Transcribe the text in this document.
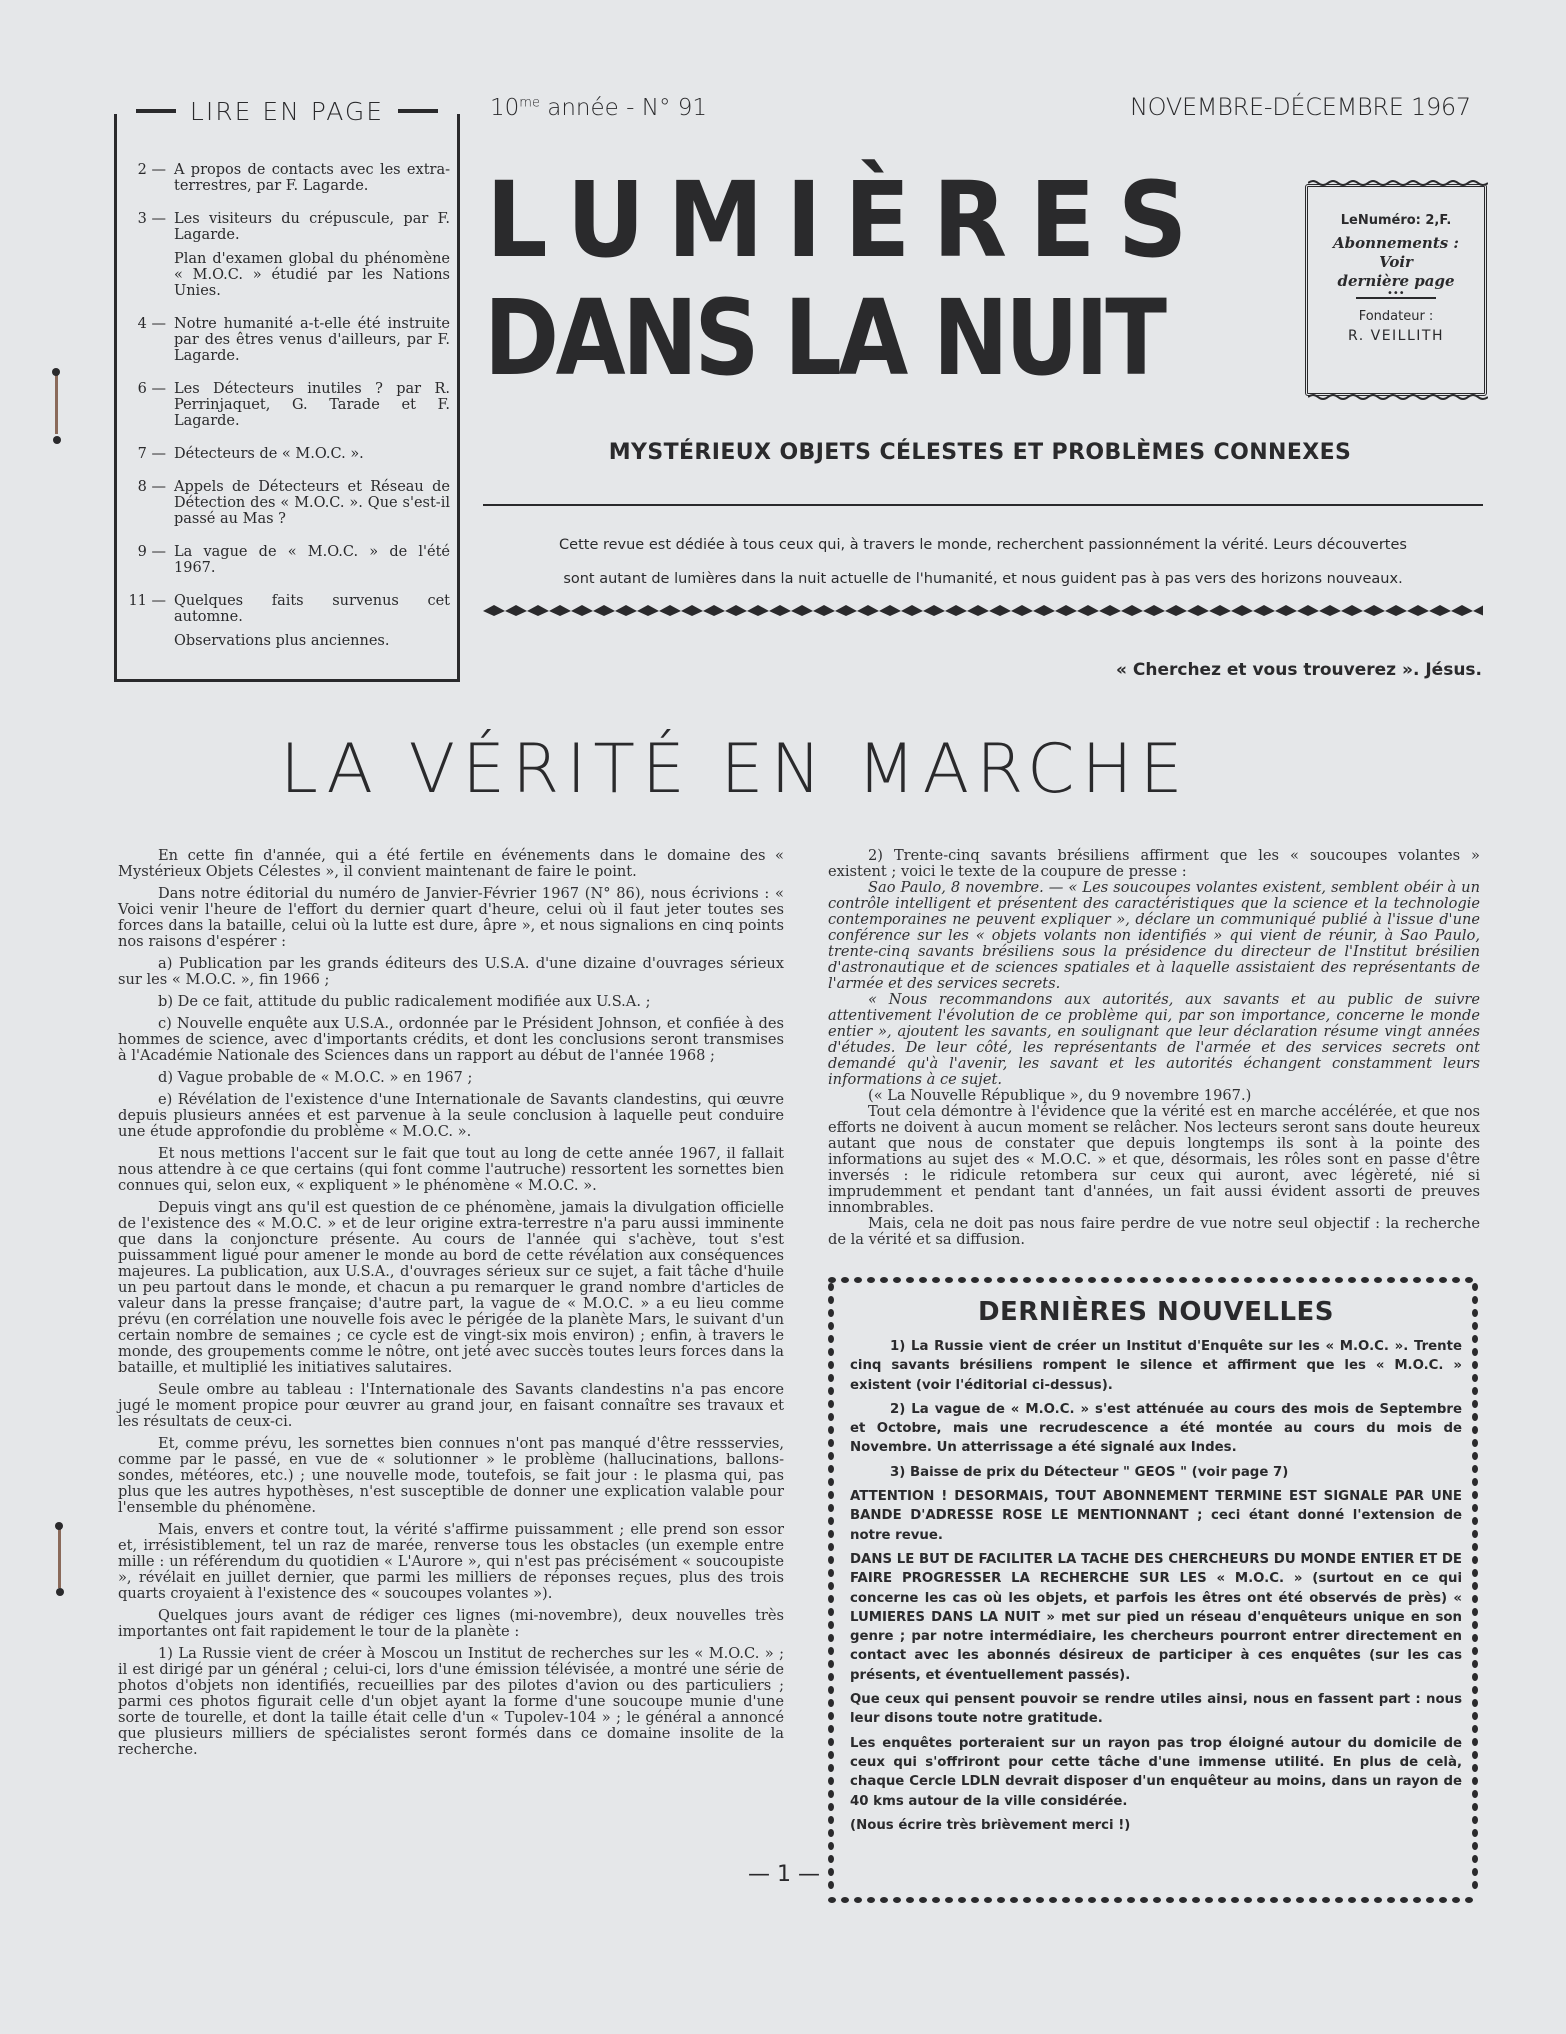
LIRE EN PAGE
2 — A propos de contacts avec les extra-terrestres, par F. Lagarde.
3 — Les visiteurs du crépuscule, par F. Lagarde.
Plan d'examen global du phénomène « M.O.C. » étudié par les Nations Unies.
4 — Notre humanité a-t-elle été instruite par des êtres venus d'ailleurs, par F. Lagarde.
6 — Les Détecteurs inutiles ? par R. Perrinjaquet, G. Tarade et F. Lagarde.
7 — Détecteurs de « M.O.C. ».
8 — Appels de Détecteurs et Réseau de Détection des « M.O.C. ». Que s'est-il passé au Mas ?
9 — La vague de « M.O.C. » de l'été 1967.
11 — Quelques faits survenus cet automne.
Observations plus anciennes.
$10^{me}$ année - N° 91	NOVEMBRE-DÉCEMBRE 1967
LUMIÈRES
DANS LA NUIT
LeNuméro: 2,F.
Abonnements :
Voir
dernière page
•••
Fondateur :
R. VEILLITH
MYSTÉRIEUX OBJETS CÉLESTES ET PROBLÈMES CONNEXES
Cette revue est dédiée à tous ceux qui, à travers le monde, recherchent passionnément la vérité. Leurs découvertes
sont autant de lumières dans la nuit actuelle de l'humanité, et nous guident pas à pas vers des horizons nouveaux.
« Cherchez et vous trouverez ». Jésus.
LA VÉRITÉ EN MARCHE

En cette fin d'année, qui a été fertile en événements dans le domaine des « Mystérieux Objets Célestes », il convient maintenant de faire le point.

Dans notre éditorial du numéro de Janvier-Février 1967 (N° 86), nous écrivions : « Voici venir l'heure de l'effort du dernier quart d'heure, celui où il faut jeter toutes ses forces dans la bataille, celui où la lutte est dure, âpre », et nous signalions en cinq points nos raisons d'espérer :

a) Publication par les grands éditeurs des U.S.A. d'une dizaine d'ouvrages sérieux sur les « M.O.C. », fin 1966 ;

b) De ce fait, attitude du public radicalement modifiée aux U.S.A. ;

c) Nouvelle enquête aux U.S.A., ordonnée par le Président Johnson, et confiée à des hommes de science, avec d'importants crédits, et dont les conclusions seront transmises à l'Académie Nationale des Sciences dans un rapport au début de l'année 1968 ;

d) Vague probable de « M.O.C. » en 1967 ;

e) Révélation de l'existence d'une Internationale de Savants clandestins, qui œuvre depuis plusieurs années et est parvenue à la seule conclusion à laquelle peut conduire une étude approfondie du problème « M.O.C. ».

Et nous mettions l'accent sur le fait que tout au long de cette année 1967, il fallait nous attendre à ce que certains (qui font comme l'autruche) ressortent les sornettes bien connues qui, selon eux, « expliquent » le phénomène « M.O.C. ».

Depuis vingt ans qu'il est question de ce phénomène, jamais la divulgation officielle de l'existence des « M.O.C. » et de leur origine extra-terrestre n'a paru aussi imminente que dans la conjoncture présente. Au cours de l'année qui s'achève, tout s'est puissamment ligué pour amener le monde au bord de cette révélation aux conséquences majeures. La publication, aux U.S.A., d'ouvrages sérieux sur ce sujet, a fait tâche d'huile un peu partout dans le monde, et chacun a pu remarquer le grand nombre d'articles de valeur dans la presse française; d'autre part, la vague de « M.O.C. » a eu lieu comme prévu (en corrélation une nouvelle fois avec le périgée de la planète Mars, le suivant d'un certain nombre de semaines ; ce cycle est de vingt-six mois environ) ; enfin, à travers le monde, des groupements comme le nôtre, ont jeté avec succès toutes leurs forces dans la bataille, et multiplié les initiatives salutaires.

Seule ombre au tableau : l'Internationale des Savants clandestins n'a pas encore jugé le moment propice pour œuvrer au grand jour, en faisant connaître ses travaux et les résultats de ceux-ci.

Et, comme prévu, les sornettes bien connues n'ont pas manqué d'être ressservies, comme par le passé, en vue de « solutionner » le problème (hallucinations, ballons-sondes, météores, etc.) ; une nouvelle mode, toutefois, se fait jour : le plasma qui, pas plus que les autres hypothèses, n'est susceptible de donner une explication valable pour l'ensemble du phénomène.

Mais, envers et contre tout, la vérité s'affirme puissamment ; elle prend son essor et, irrésistiblement, tel un raz de marée, renverse tous les obstacles (un exemple entre mille : un référendum du quotidien « L'Aurore », qui n'est pas précisément « soucoupiste », révélait en juillet dernier, que parmi les milliers de réponses reçues, plus des trois quarts croyaient à l'existence des « soucoupes volantes »).

Quelques jours avant de rédiger ces lignes (mi-novembre), deux nouvelles très importantes ont fait rapidement le tour de la planète :

1) La Russie vient de créer à Moscou un Institut de recherches sur les « M.O.C. » ; il est dirigé par un général ; celui-ci, lors d'une émission télévisée, a montré une série de photos d'objets non identifiés, recueillies par des pilotes d'avion ou des particuliers ; parmi ces photos figurait celle d'un objet ayant la forme d'une soucoupe munie d'une sorte de tourelle, et dont la taille était celle d'un « Tupolev-104 » ; le général a annoncé que plusieurs milliers de spécialistes seront formés dans ce domaine insolite de la recherche.

2) Trente-cinq savants brésiliens affirment que les « soucoupes volantes » existent ; voici le texte de la coupure de presse :

Sao Paulo, 8 novembre. — « Les soucoupes volantes existent, semblent obéir à un contrôle intelligent et présentent des caractéristiques que la science et la technologie contemporaines ne peuvent expliquer », déclare un communiqué publié à l'issue d'une conférence sur les « objets volants non identifiés » qui vient de réunir, à Sao Paulo, trente-cinq savants brésiliens sous la présidence du directeur de l'Institut brésilien d'astronautique et de sciences spatiales et à laquelle assistaient des représentants de l'armée et des services secrets.

« Nous recommandons aux autorités, aux savants et au public de suivre attentivement l'évolution de ce problème qui, par son importance, concerne le monde entier », ajoutent les savants, en soulignant que leur déclaration résume vingt années d'études. De leur côté, les représentants de l'armée et des services secrets ont demandé qu'à l'avenir, les savant et les autorités échangent constamment leurs informations à ce sujet.

(« La Nouvelle République », du 9 novembre 1967.)

Tout cela démontre à l'évidence que la vérité est en marche accélérée, et que nos efforts ne doivent à aucun moment se relâcher. Nos lecteurs seront sans doute heureux autant que nous de constater que depuis longtemps ils sont à la pointe des informations au sujet des « M.O.C. » et que, désormais, les rôles sont en passe d'être inversés : le ridicule retombera sur ceux qui auront, avec légèreté, nié si imprudemment et pendant tant d'années, un fait aussi évident assorti de preuves innombrables.

Mais, cela ne doit pas nous faire perdre de vue notre seul objectif : la recherche de la vérité et sa diffusion.

DERNIÈRES NOUVELLES

1) La Russie vient de créer un Institut d'Enquête sur les « M.O.C. ». Trente cinq savants brésiliens rompent le silence et affirment que les « M.O.C. » existent (voir l'éditorial ci-dessus).

2) La vague de « M.O.C. » s'est atténuée au cours des mois de Septembre et Octobre, mais une recrudescence a été montée au cours du mois de Novembre. Un atterrissage a été signalé aux Indes.

3) Baisse de prix du Détecteur " GEOS " (voir page 7)

ATTENTION ! DESORMAIS, TOUT ABONNEMENT TERMINE EST SIGNALE PAR UNE BANDE D'ADRESSE ROSE LE MENTIONNANT ; ceci étant donné l'extension de notre revue.

DANS LE BUT DE FACILITER LA TACHE DES CHERCHEURS DU MONDE ENTIER ET DE FAIRE PROGRESSER LA RECHERCHE SUR LES « M.O.C. » (surtout en ce qui concerne les cas où les objets, et parfois les êtres ont été observés de près) « LUMIERES DANS LA NUIT » met sur pied un réseau d'enquêteurs unique en son genre ; par notre intermédiaire, les chercheurs pourront entrer directement en contact avec les abonnés désireux de participer à ces enquêtes (sur les cas présents, et éventuellement passés).

Que ceux qui pensent pouvoir se rendre utiles ainsi, nous en fassent part : nous leur disons toute notre gratitude.

Les enquêtes porteraient sur un rayon pas trop éloigné autour du domicile de ceux qui s'offriront pour cette tâche d'une immense utilité. En plus de celà, chaque Cercle LDLN devrait disposer d'un enquêteur au moins, dans un rayon de 40 kms autour de la ville considérée.

(Nous écrire très brièvement merci !)

— 1 —
